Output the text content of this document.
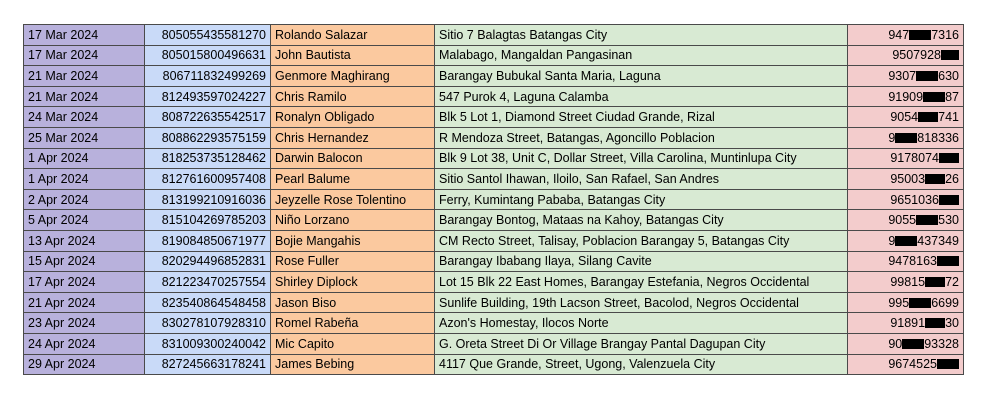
17 Mar 2024	805055435581270	Rolando Salazar	Sitio 7 Balagtas Batangas City	947 7316
17 Mar 2024	805015800496631	John Bautista	Malabago, Mangaldan Pangasinan	9507928
21 Mar 2024	806711832499269	Genmore Maghirang	Barangay Bubukal Santa Maria, Laguna	9307 630
21 Mar 2024	812493597024227	Chris Ramilo	547 Purok 4, Laguna Calamba	91909 87
24 Mar 2024	808722635542517	Ronalyn Obligado	Blk 5 Lot 1, Diamond Street Ciudad Grande, Rizal	9054 741
25 Mar 2024	808862293575159	Chris Hernandez	R Mendoza Street, Batangas, Agoncillo Poblacion	9 818336
1 Apr 2024	818253735128462	Darwin Balocon	Blk 9 Lot 38, Unit C, Dollar Street, Villa Carolina, Muntinlupa City	9178074
1 Apr 2024	812761600957408	Pearl Balume	Sitio Santol Ihawan, Iloilo, San Rafael, San Andres	95003 26
2 Apr 2024	813199210916036	Jeyzelle Rose Tolentino	Ferry, Kumintang Pababa, Batangas City	9651036
5 Apr 2024	815104269785203	Niño Lorzano	Barangay Bontog, Mataas na Kahoy, Batangas City	9055 530
13 Apr 2024	819084850671977	Bojie Mangahis	CM Recto Street, Talisay, Poblacion Barangay 5, Batangas City	9 437349
15 Apr 2024	820294496852831	Rose Fuller	Barangay Ibabang Ilaya, Silang Cavite	9478163
17 Apr 2024	821223470257554	Shirley Diplock	Lot 15 Blk 22 East Homes, Barangay Estefania, Negros Occidental	99815 72
21 Apr 2024	823540864548458	Jason Biso	Sunlife Building, 19th Lacson Street, Bacolod, Negros Occidental	995 6699
23 Apr 2024	830278107928310	Romel Rabeña	Azon's Homestay, Ilocos Norte	91891 30
24 Apr 2024	831009300240042	Mic Capito	G. Oreta Street Di Or Village Brangay Pantal Dagupan City	90 93328
29 Apr 2024	827245663178241	James Bebing	4117 Que Grande, Street, Ugong, Valenzuela City	9674525
